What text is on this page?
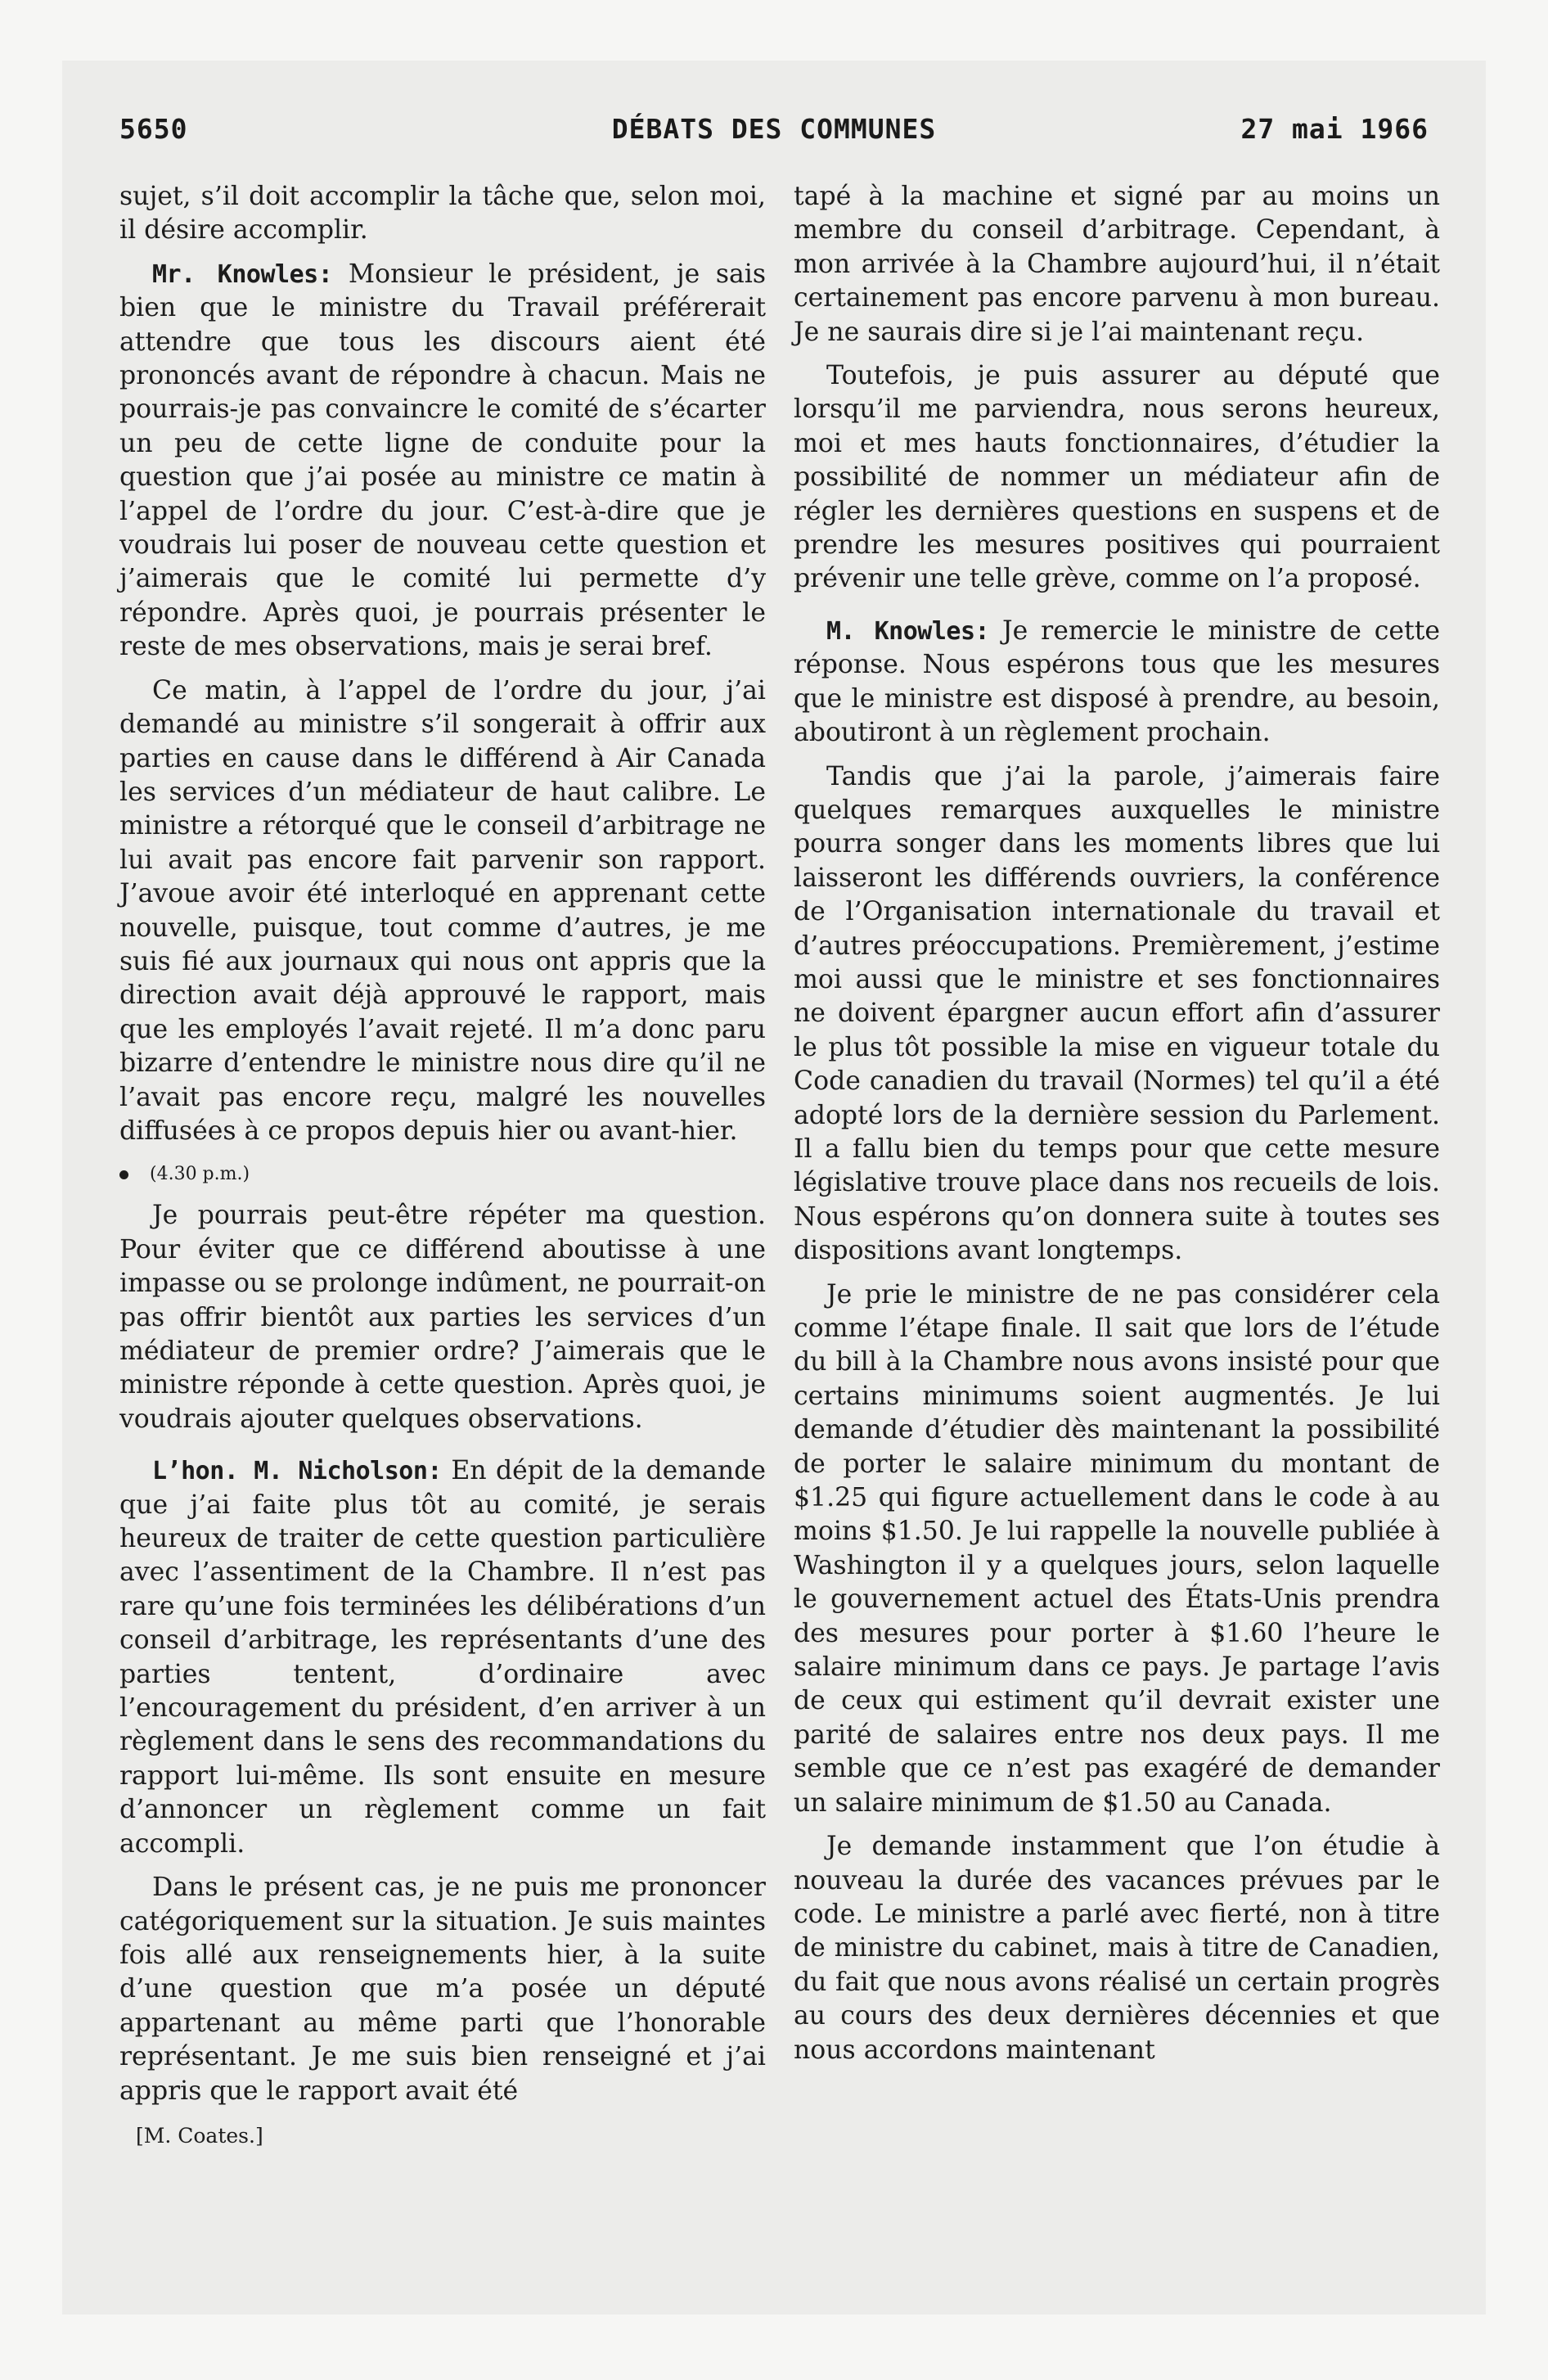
5650	DÉBATS DES COMMUNES	27 mai 1966

sujet, s’il doit accomplir la tâche que, selon moi, il désire accomplir.

Mr. Knowles: Monsieur le président, je sais bien que le ministre du Travail préférerait attendre que tous les discours aient été prononcés avant de répondre à chacun. Mais ne pourrais-je pas convaincre le comité de s’écarter un peu de cette ligne de conduite pour la question que j’ai posée au ministre ce matin à l’appel de l’ordre du jour. C’est-à-dire que je voudrais lui poser de nouveau cette question et j’aimerais que le comité lui permette d’y répondre. Après quoi, je pourrais présenter le reste de mes observations, mais je serai bref.

Ce matin, à l’appel de l’ordre du jour, j’ai demandé au ministre s’il songerait à offrir aux parties en cause dans le différend à Air Canada les services d’un médiateur de haut calibre. Le ministre a rétorqué que le conseil d’arbitrage ne lui avait pas encore fait parvenir son rapport. J’avoue avoir été interloqué en apprenant cette nouvelle, puisque, tout comme d’autres, je me suis fié aux journaux qui nous ont appris que la direction avait déjà approuvé le rapport, mais que les employés l’avait rejeté. Il m’a donc paru bizarre d’entendre le ministre nous dire qu’il ne l’avait pas encore reçu, malgré les nouvelles diffusées à ce propos depuis hier ou avant-hier.

(4.30 p.m.)

Je pourrais peut-être répéter ma question. Pour éviter que ce différend aboutisse à une impasse ou se prolonge indûment, ne pourrait-on pas offrir bientôt aux parties les services d’un médiateur de premier ordre? J’aimerais que le ministre réponde à cette question. Après quoi, je voudrais ajouter quelques observations.

L’hon. M. Nicholson: En dépit de la demande que j’ai faite plus tôt au comité, je serais heureux de traiter de cette question particulière avec l’assentiment de la Chambre. Il n’est pas rare qu’une fois terminées les délibérations d’un conseil d’arbitrage, les représentants d’une des parties tentent, d’ordinaire avec l’encouragement du président, d’en arriver à un règlement dans le sens des recommandations du rapport lui-même. Ils sont ensuite en mesure d’annoncer un règlement comme un fait accompli.

Dans le présent cas, je ne puis me prononcer catégoriquement sur la situation. Je suis maintes fois allé aux renseignements hier, à la suite d’une question que m’a posée un député appartenant au même parti que l’honorable représentant. Je me suis bien renseigné et j’ai appris que le rapport avait été

[M. Coates.]

tapé à la machine et signé par au moins un membre du conseil d’arbitrage. Cependant, à mon arrivée à la Chambre aujourd’hui, il n’était certainement pas encore parvenu à mon bureau. Je ne saurais dire si je l’ai maintenant reçu.

Toutefois, je puis assurer au député que lorsqu’il me parviendra, nous serons heureux, moi et mes hauts fonctionnaires, d’étudier la possibilité de nommer un médiateur afin de régler les dernières questions en suspens et de prendre les mesures positives qui pourraient prévenir une telle grève, comme on l’a proposé.

M. Knowles: Je remercie le ministre de cette réponse. Nous espérons tous que les mesures que le ministre est disposé à prendre, au besoin, aboutiront à un règlement prochain.

Tandis que j’ai la parole, j’aimerais faire quelques remarques auxquelles le ministre pourra songer dans les moments libres que lui laisseront les différends ouvriers, la conférence de l’Organisation internationale du travail et d’autres préoccupations. Premièrement, j’estime moi aussi que le ministre et ses fonctionnaires ne doivent épargner aucun effort afin d’assurer le plus tôt possible la mise en vigueur totale du Code canadien du travail (Normes) tel qu’il a été adopté lors de la dernière session du Parlement. Il a fallu bien du temps pour que cette mesure législative trouve place dans nos recueils de lois. Nous espérons qu’on donnera suite à toutes ses dispositions avant longtemps.

Je prie le ministre de ne pas considérer cela comme l’étape finale. Il sait que lors de l’étude du bill à la Chambre nous avons insisté pour que certains minimums soient augmentés. Je lui demande d’étudier dès maintenant la possibilité de porter le salaire minimum du montant de $1.25 qui figure actuellement dans le code à au moins $1.50. Je lui rappelle la nouvelle publiée à Washington il y a quelques jours, selon laquelle le gouvernement actuel des États-Unis prendra des mesures pour porter à $1.60 l’heure le salaire minimum dans ce pays. Je partage l’avis de ceux qui estiment qu’il devrait exister une parité de salaires entre nos deux pays. Il me semble que ce n’est pas exagéré de demander un salaire minimum de $1.50 au Canada.

Je demande instamment que l’on étudie à nouveau la durée des vacances prévues par le code. Le ministre a parlé avec fierté, non à titre de ministre du cabinet, mais à titre de Canadien, du fait que nous avons réalisé un certain progrès au cours des deux dernières décennies et que nous accordons maintenant
